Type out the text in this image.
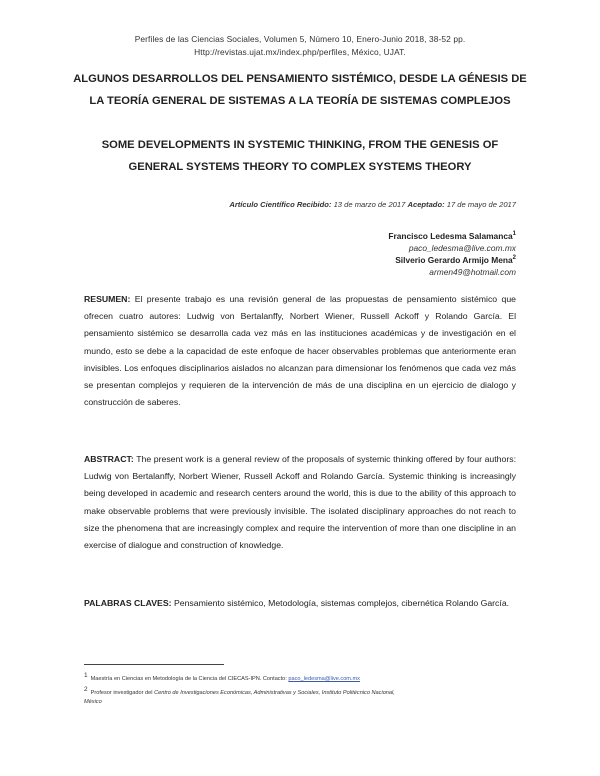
Perfiles de las Ciencias Sociales, Volumen 5, Número 10, Enero-Junio 2018, 38-52 pp.
Http://revistas.ujat.mx/index.php/perfiles, México, UJAT.
ALGUNOS DESARROLLOS DEL PENSAMIENTO SISTÉMICO, DESDE LA GÉNESIS DE
LA TEORÍA GENERAL DE SISTEMAS A LA TEORÍA DE SISTEMAS COMPLEJOS
SOME DEVELOPMENTS IN SYSTEMIC THINKING, FROM THE GENESIS OF
GENERAL SYSTEMS THEORY TO COMPLEX SYSTEMS THEORY
Artículo Científico Recibido: 13 de marzo de 2017 Aceptado: 17 de mayo de 2017
Francisco Ledesma Salamanca$^1$
paco_ledesma@live.com.mx
Silverio Gerardo Armijo Mena$^2$
armen49@hotmail.com
RESUMEN: El presente trabajo es una revisión general de las propuestas de pensamiento sistémico que ofrecen cuatro autores: Ludwig von Bertalanffy, Norbert Wiener, Russell Ackoff y Rolando García. El pensamiento sistémico se desarrolla cada vez más en las instituciones académicas y de investigación en el mundo, esto se debe a la capacidad de este enfoque de hacer observables problemas que anteriormente eran invisibles. Los enfoques disciplinarios aislados no alcanzan para dimensionar los fenómenos que cada vez más se presentan complejos y requieren de la intervención de más de una disciplina en un ejercicio de dialogo y construcción de saberes.
ABSTRACT: The present work is a general review of the proposals of systemic thinking offered by four authors: Ludwig von Bertalanffy, Norbert Wiener, Russell Ackoff and Rolando García. Systemic thinking is increasingly being developed in academic and research centers around the world, this is due to the ability of this approach to make observable problems that were previously invisible. The isolated disciplinary approaches do not reach to size the phenomena that are increasingly complex and require the intervention of more than one discipline in an exercise of dialogue and construction of knowledge.
PALABRAS CLAVES: Pensamiento sistémico, Metodología, sistemas complejos, cibernética Rolando García.
$^1$ Maestría en Ciencias en Metodología de la Ciencia del CIECAS-IPN. Contacto: paco_ledesma@live.com.mx
$^2$ Profesor investigador del Centro de Investigaciones Económicas, Administrativas y Sociales, Instituto Politécnico Nacional,
México
